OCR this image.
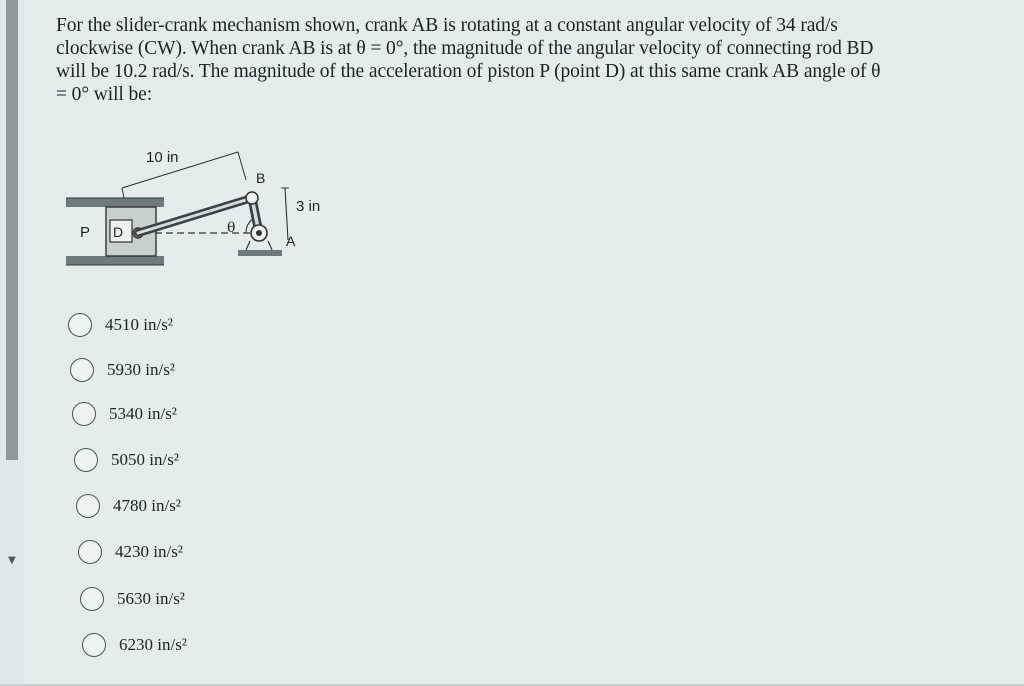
▼
For the slider-crank mechanism shown, crank AB is rotating at a constant angular velocity of 34 rad/s
clockwise (CW). When crank AB is at θ = 0°, the magnitude of the angular velocity of connecting rod BD
will be 10.2 rad/s. The magnitude of the acceleration of piston P (point D) at this same crank AB angle of θ
= 0° will be:
10 in
B
3 in
P D	θ
A
4510 in/s²
5930 in/s²
5340 in/s²
5050 in/s²
4780 in/s²
4230 in/s²
5630 in/s²
6230 in/s²
